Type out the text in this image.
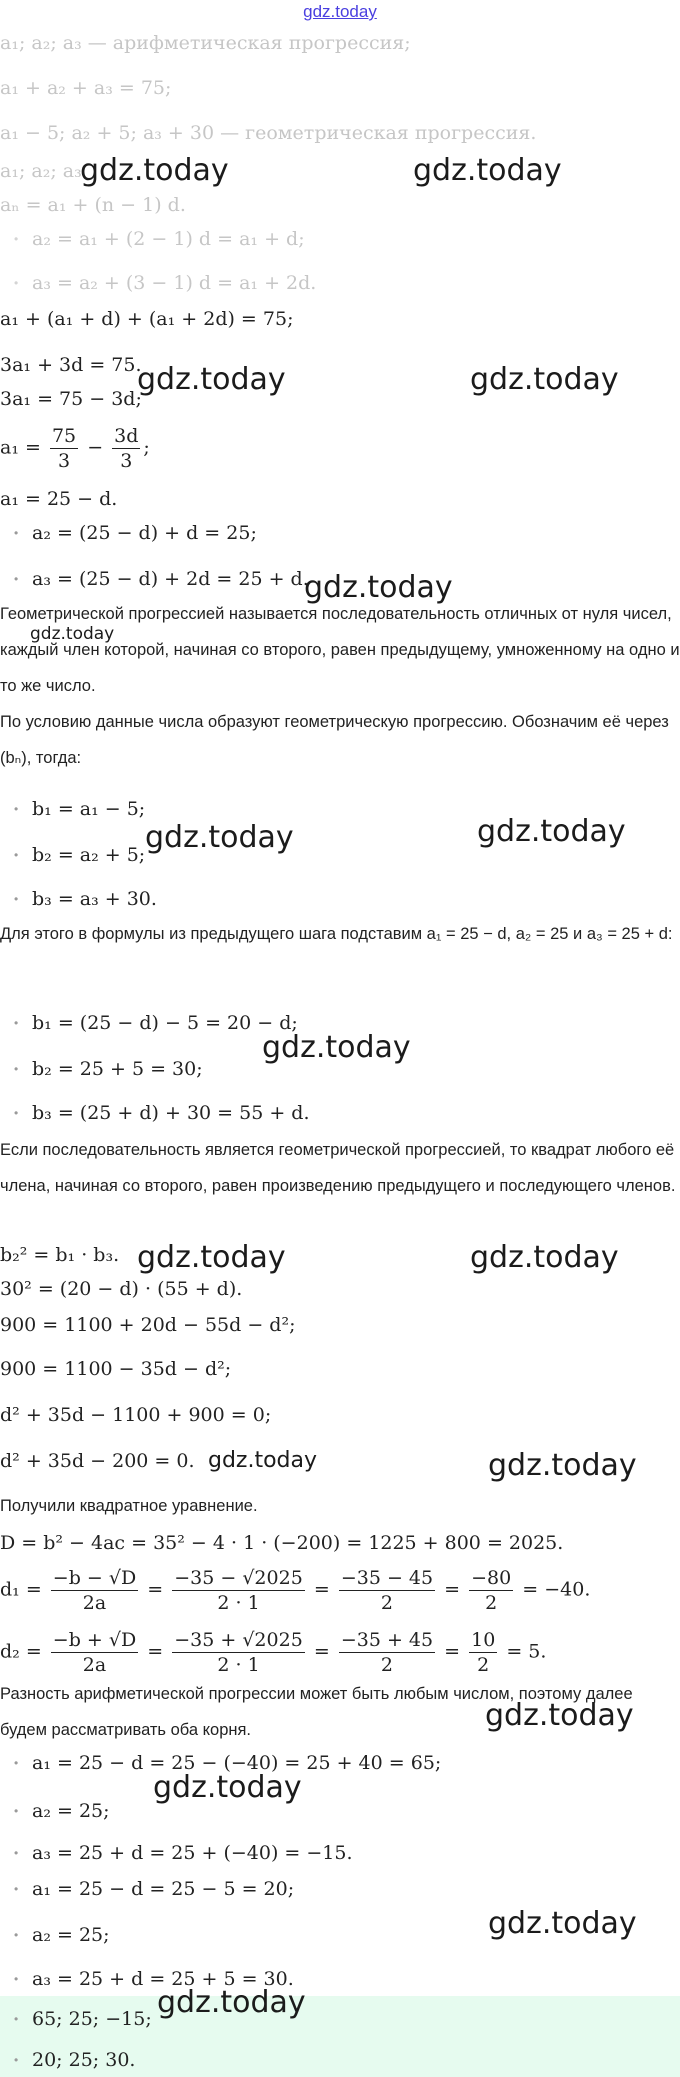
gdz.today
a₁; a₂; a₃ — арифметическая прогрессия;
a₁ + a₂ + a₃ = 75;
a₁ − 5; a₂ + 5; a₃ + 30 — геометрическая прогрессия.
a₁; a₂; a₃
aₙ = a₁ + (n − 1) d.
• a₂ = a₁ + (2 − 1) d = a₁ + d;
• a₃ = a₂ + (3 − 1) d = a₁ + 2d.
a₁ + (a₁ + d) + (a₁ + 2d) = 75;
3a₁ + 3d = 75.
3a₁ = 75 − 3d;
$a_1 = \frac{75}{3} - \frac{3d}{3}$ ;
a₁ = 25 − d.
• a₂ = (25 − d) + d = 25;
• a₃ = (25 − d) + 2d = 25 + d.
Геометрической прогрессией называется последовательность отличных от нуля чисел, каждый член которой, начиная со второго, равен предыдущему, умноженному на одно и то же число.
По условию данные числа образуют геометрическую прогрессию. Обозначим её через (bₙ), тогда:
• b₁ = a₁ − 5;
• b₂ = a₂ + 5;
• b₃ = a₃ + 30.
Для этого в формулы из предыдущего шага подставим a₁ = 25 − d, a₂ = 25 и a₃ = 25 + d:
• b₁ = (25 − d) − 5 = 20 − d;
• b₂ = 25 + 5 = 30;
• b₃ = (25 + d) + 30 = 55 + d.
Если последовательность является геометрической прогрессией, то квадрат любого её члена, начиная со второго, равен произведению предыдущего и последующего членов.
b₂² = b₁ · b₃.
30² = (20 − d) · (55 + d).
900 = 1100 + 20d − 55d − d²;
900 = 1100 − 35d − d²;
d² + 35d − 1100 + 900 = 0;
d² + 35d − 200 = 0.
Получили квадратное уравнение.
D = b² − 4ac = 35² − 4 · 1 · (−200) = 1225 + 800 = 2025.
$d_1 = \frac{-b - √D}{2a} = \frac{-35 - √2025}{2 \cdot 1} = \frac{-35 - 45}{2} = \frac{-80}{2} = -40$.
$d_2 = \frac{-b + √D}{2a} = \frac{-35 + √2025}{2 \cdot 1} = \frac{-35 + 45}{2} = \frac{10}{2} = 5$.
Разность арифметической прогрессии может быть любым числом, поэтому далее будем рассматривать оба корня.
• a₁ = 25 − d = 25 − (−40) = 25 + 40 = 65;
• a₂ = 25;
• a₃ = 25 + d = 25 + (−40) = −15.
• a₁ = 25 − d = 25 − 5 = 20;
• a₂ = 25;
• a₃ = 25 + d = 25 + 5 = 30.
• 65; 25; −15;
• 20; 25; 30.
gdz.today	gdz.today
gdz.today	gdz.today
gdz.today
gdz.today
gdz.today	gdz.today
gdz.today
gdz.today	gdz.today
gdz.today	gdz.today
gdz.today
gdz.today
gdz.today
gdz.today
